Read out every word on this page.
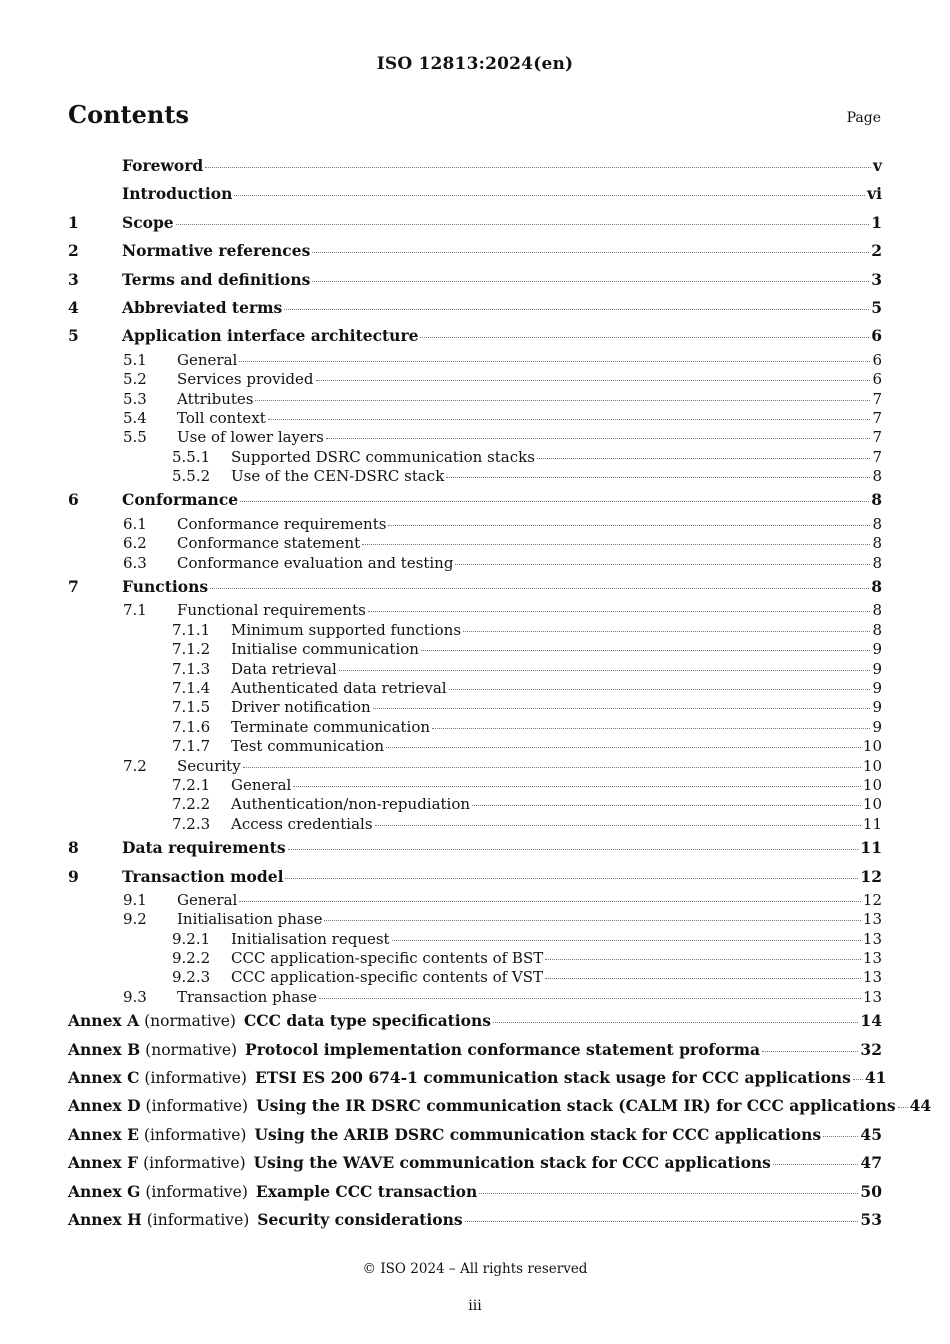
ISO 12813:2024(en)
Contents	Page
Foreword	v
Introduction	vi
1	Scope	1
2	Normative references	2
3	Terms and definitions	3
4	Abbreviated terms	5
5	Application interface architecture	6
5.1	General	6
5.2	Services provided	6
5.3	Attributes	7
5.4	Toll context	7
5.5	Use of lower layers	7
5.5.1	Supported DSRC communication stacks	7
5.5.2	Use of the CEN-DSRC stack	8
6	Conformance	8
6.1	Conformance requirements	8
6.2	Conformance statement	8
6.3	Conformance evaluation and testing	8
7	Functions	8
7.1	Functional requirements	8
7.1.1	Minimum supported functions	8
7.1.2	Initialise communication	9
7.1.3	Data retrieval	9
7.1.4	Authenticated data retrieval	9
7.1.5	Driver notification	9
7.1.6	Terminate communication	9
7.1.7	Test communication	10
7.2	Security	10
7.2.1	General	10
7.2.2	Authentication/non-repudiation	10
7.2.3	Access credentials	11
8	Data requirements	11
9	Transaction model	12
9.1	General	12
9.2	Initialisation phase	13
9.2.1	Initialisation request	13
9.2.2	CCC application-specific contents of BST	13
9.2.3	CCC application-specific contents of VST	13
9.3	Transaction phase	13
Annex A (normative) CCC data type specifications	14
Annex B (normative) Protocol implementation conformance statement proforma	32
Annex C (informative) ETSI ES 200 674-1 communication stack usage for CCC applications 41
Annex D (informative) Using the IR DSRC communication stack (CALM IR) for CCC applications 44
Annex E (informative) Using the ARIB DSRC communication stack for CCC applications	45
Annex F (informative) Using the WAVE communication stack for CCC applications	47
Annex G (informative) Example CCC transaction	50
Annex H (informative) Security considerations	53
© ISO 2024 – All rights reserved
iii
